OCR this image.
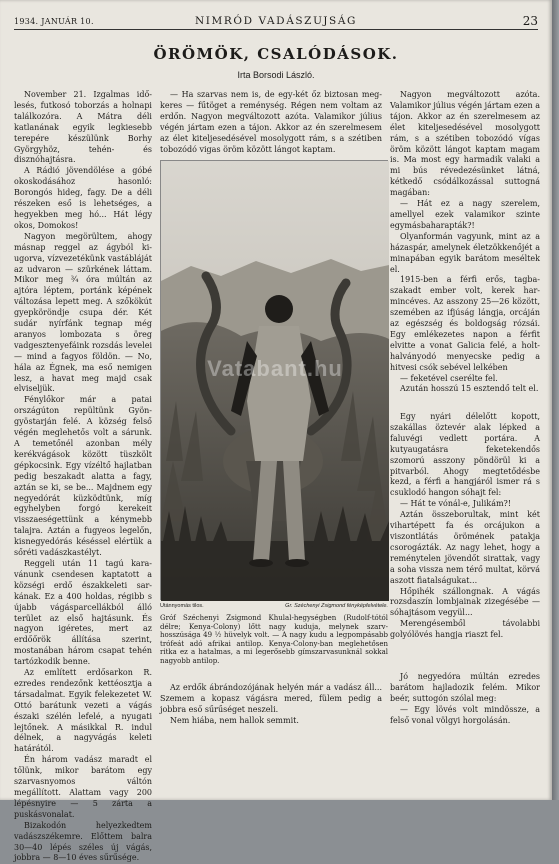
1934. JANUÁR 10.	NIMRÓD VADÁSZUJSÁG	23
ÖRÖMÖK, CSALÓDÁSOK.
Irta Borsodi László.

November 21. Izgalmas időlesés, futkosó toborzás a holnapi találkozóra. A Mátra déli katlanának egyik legkiesebb terepére készülünk Borhy Györgyhöz, tehén- és disznóhajtásra.

A Rádió jövendölése a góbé okoskodásához hasonló: Borongós hideg, fagy. De a déli részeken eső is lehetséges, a hegyekben meg hó... Hát légy okos, Domokos!

Nagyon megörültem, ahogy másnap reggel az ágyból kiugorva, vízvezetékünk vastábláját az udvaron — szürkének láttam. Mikor meg ¾ óra múltán az ajtóra léptem, portánk képének változása lepett meg. A szőkökút gyepköröndje csupa dér. Két sudár nyírfánk tegnap még aranyos lombozata s öreg vadgesztenyefáink rozsdás levelei — mind a fagyos földön. — No, hála az Égnek, ma eső nemigen lesz, a havat meg majd csak elviseljük.

Fénylőkor már a patai országúton repültünk Gyöngyöstarján felé. A község felső végén meglehetős volt a sárunk. A temetőnél azonban mély kerékvágások között tüszkölt gépkocsink. Egy vízéltő hajlatban pedig beszakadt alatta a fagy, aztán se ki, se be... Majdnem egy negyedórát küzködtünk, míg egyhelyben forgó kerekeit visszaeségettünk a kénymebb talajra. Aztán a fugyeos legelőn, kisnegyedórás késéssel elértük a sőréti vadászkastélyt.

Reggeli után 11 tagú karavánunk csendesen kaptatott a községi erdő északkeleti sarkának. Ez a 400 holdas, régibb s újabb vágásparcellákból álló terület az első hajtásunk. És nagyon igéretes, mert az erdőőrök állítása szerint, mostanában három csapat tehén tartózkodik benne.

Az említett erdősarkon R. ezredes rendezőnk kettéosztja a társadalmat. Egyik felekezetet W. Ottó barátunk vezeti a vágás északi szélén lefelé, a nyugati lejtőnek. A másikkal R. indul délnek, a nagyvágás keleti határától.

Én három vadász maradt el tőlünk, mikor barátom egy szarvasnyomos váltón megállított. Alattam vagy 200 lépésnyire — 5 zárta a puskásvonalat.

Bizakodón helyezkedtem vadászszékemre. Előttem balra 30—40 lépés széles új vágás, jobbra — 8—10 éves sűrűsége.

— Ha szarvas nem is, de egy-két őz biztosan megkeres — fűtöget a reménység. Régen nem voltam az erdőn. Nagyon megváltozott azóta. Valamikor július végén jártam ezen a tájon. Akkor az én szerelmesem az élet kiteljesedésével mosolygott rám, s a szétiben tobozódó vigas öröm között lángot kaptam.

Nagyon megváltozott azóta. Valamikor július végén jártam ezen a tájon. Akkor az én szerelmesem az élet kiteljesedésével mosolygott rám, s a szétiben tobozódó vígas öröm között lángot kaptam magam is. Ma most egy harmadik valaki a mi bús révedezésünket látná, kétkedő csódálkozással suttogná magában:

— Hát ez a nagy szerelem, amellyel ezek valamikor szinte egymásbaharapták?!

Olyanformán vagyunk, mint az a házaspár, amelynek életzökkenőjét a minapában egyik barátom meséltek el.

1915-ben a férfi erős, tagbaszakadt ember volt, kerek harmincéves. Az asszony 25—26 között, szemében az ifjúság lángja, orcáján az egészség és boldogság rózsái. Egy emlékezetes napon a férfit elvitte a vonat Galicia felé, a holthalványodó menyecske pedig a hitvesi csók sebével lelkében

— feketével cserélte fel.

Azután hosszú 15 esztendő telt el.

Vatabant.hu
Utánnyomás tilos.	Gr. Széchenyi Zsigmond fényképfelvétele.
Gróf Széchenyi Zsigmond Khulal-hegységben (Rudolf-tótól délre; Kenya-Colony) lőtt nagy kuduja, melynek szarvhosszúsága 49 ½ hüvelyk volt. — A nagy kudu a legpompásabb trófeát adó afrikai antilop. Kenya-Colony-ban meglehetősen ritka ez a hatalmas, a mi legerősebb gímszarvasunknál sokkal nagyobb antilop.

Egy nyári délelőtt kopott, szakállas öztevér alak lépked a faluvégi vedlett portára. A kutyaugatásra feketekendős szomorú asszony pöndörül ki a pitvarból. Ahogy megtetődésbe kezd, a férfi a hangjáról ismer rá s csuklodó hangon sóhajt fel:

— Hát te vónál-e, Julikám?!

Aztán összeborultak, mint két vihartépett fa és orcájukon a viszontlátás örömének patakja csorogázták. Az nagy lehet, hogy a reménytelen jövendőt sirattak, vagy a soha vissza nem térő multat, körvá aszott fiatalságukat...

Hőpihék szállongnak. A vágás rozsdaszín lombjainak zizegésébe — sóhajtásom vegyül...

Merengésemből távolabbi golyólövés hangja riaszt fel.

Az erdők ábrándozójának helyén már a vadász áll... Szemem a kopasz vágásra mered, fülem pedig a jobbra eső sűrűséget neszeli.

Nem hiába, nem hallok semmit.

Jó negyedóra múltán ezredes barátom hajladozik felém. Mikor beér, suttogón szólal meg:

— Egy lövés volt mindössze, a felső vonal völgyi horgolásán.
